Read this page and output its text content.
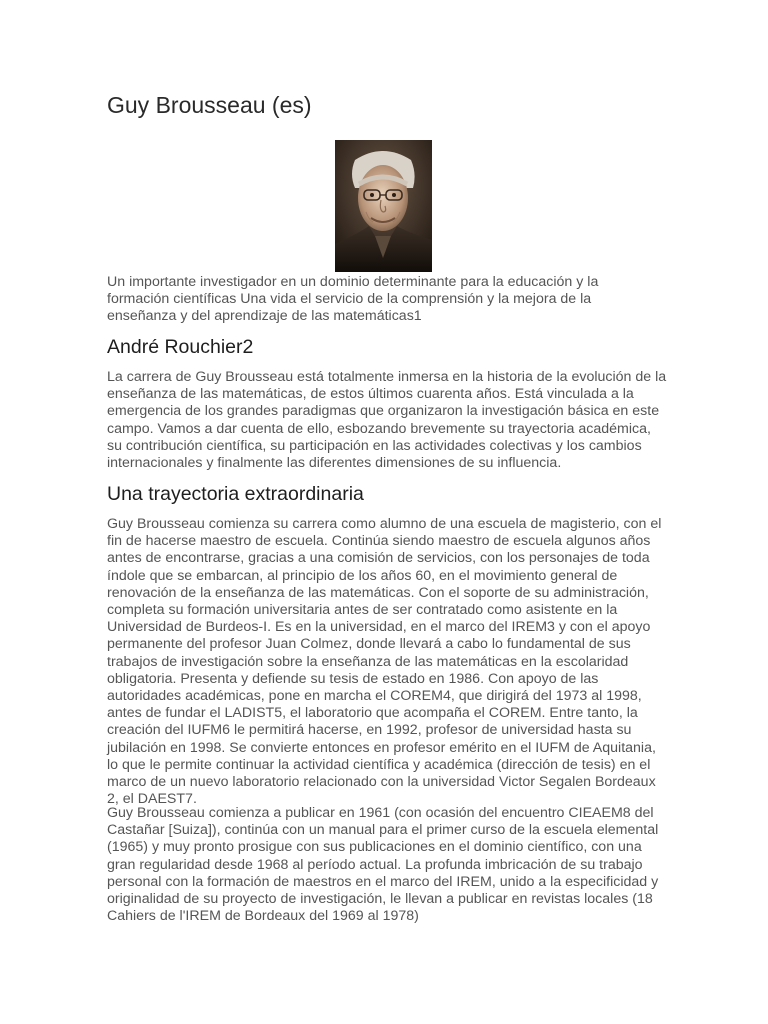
Guy Brousseau (es)

Un importante investigador en un dominio determinante para la educación y la formación científicas Una vida el servicio de la comprensión y la mejora de la enseñanza y del aprendizaje de las matemáticas1

André Rouchier2

La carrera de Guy Brousseau está totalmente inmersa en la historia de la evolución de la enseñanza de las matemáticas, de estos últimos cuarenta años. Está vinculada a la emergencia de los grandes paradigmas que organizaron la investigación básica en este campo. Vamos a dar cuenta de ello, esbozando brevemente su trayectoria académica, su contribución científica, su participación en las actividades colectivas y los cambios internacionales y finalmente las diferentes dimensiones de su influencia.

Una trayectoria extraordinaria

Guy Brousseau comienza su carrera como alumno de una escuela de magisterio, con el fin de hacerse maestro de escuela. Continúa siendo maestro de escuela algunos años antes de encontrarse, gracias a una comisión de servicios, con los personajes de toda índole que se embarcan, al principio de los años 60, en el movimiento general de renovación de la enseñanza de las matemáticas. Con el soporte de su administración, completa su formación universitaria antes de ser contratado como asistente en la Universidad de Burdeos-I. Es en la universidad, en el marco del IREM3 y con el apoyo permanente del profesor Juan Colmez, donde llevará a cabo lo fundamental de sus trabajos de investigación sobre la enseñanza de las matemáticas en la escolaridad obligatoria. Presenta y defiende su tesis de estado en 1986. Con apoyo de las autoridades académicas, pone en marcha el COREM4, que dirigirá del 1973 al 1998, antes de fundar el LADIST5, el laboratorio que acompaña el COREM. Entre tanto, la creación del IUFM6 le permitirá hacerse, en 1992, profesor de universidad hasta su jubilación en 1998. Se convierte entonces en profesor emérito en el IUFM de Aquitania, lo que le permite continuar la actividad científica y académica (dirección de tesis) en el marco de un nuevo laboratorio relacionado con la universidad Victor Segalen Bordeaux 2, el DAEST7.

Guy Brousseau comienza a publicar en 1961 (con ocasión del encuentro CIEAEM8 del Castañar [Suiza]), continúa con un manual para el primer curso de la escuela elemental (1965) y muy pronto prosigue con sus publicaciones en el dominio científico, con una gran regularidad desde 1968 al período actual. La profunda imbricación de su trabajo personal con la formación de maestros en el marco del IREM, unido a la especificidad y originalidad de su proyecto de investigación, le llevan a publicar en revistas locales (18 Cahiers de l'IREM de Bordeaux del 1969 al 1978)
